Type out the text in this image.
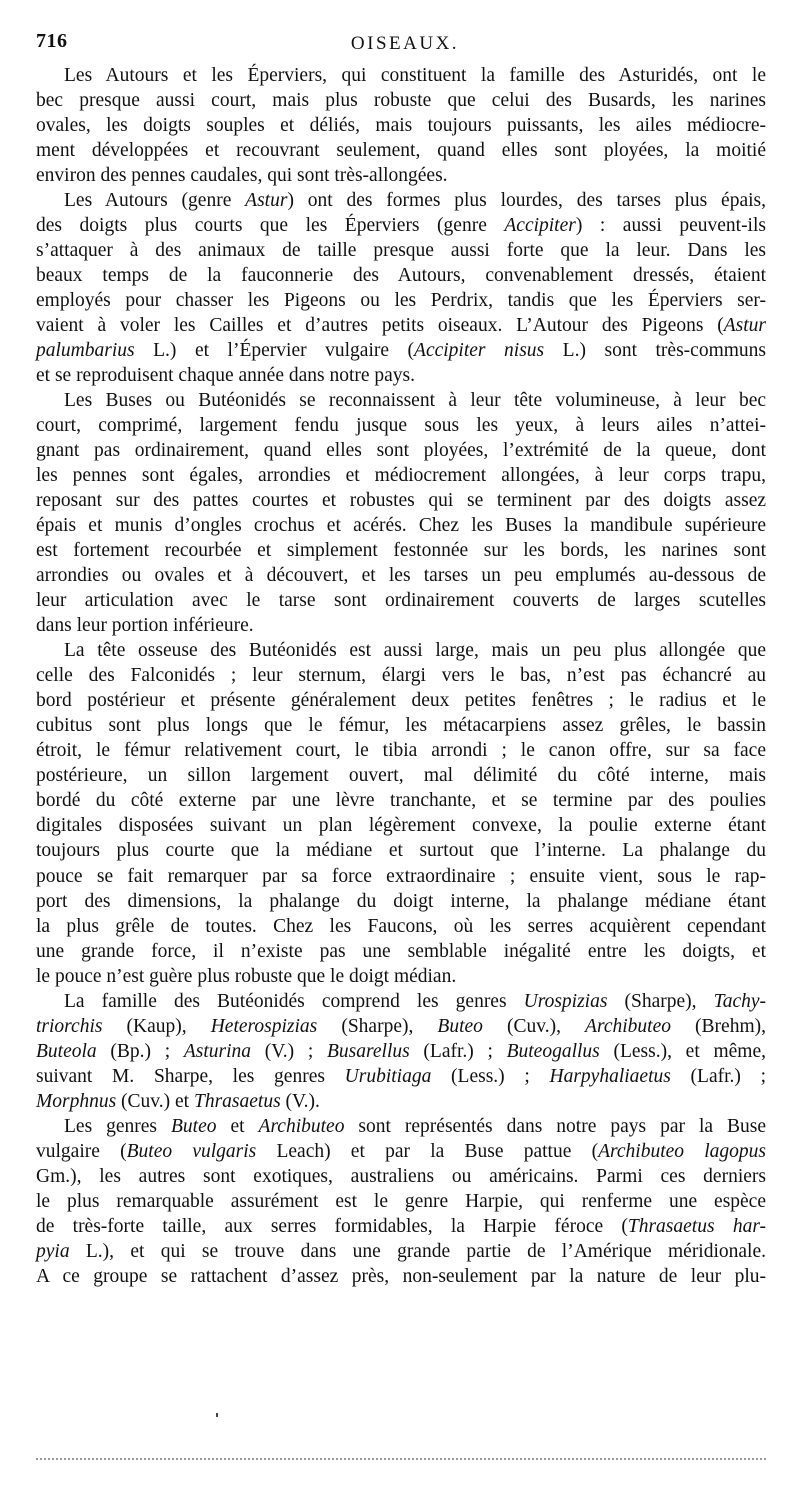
716	OISEAUX.
Les Autours et les Éperviers, qui constituent la famille des Asturidés, ont le
bec presque aussi court, mais plus robuste que celui des Busards, les narines
ovales, les doigts souples et déliés, mais toujours puissants, les ailes médiocre-
ment développées et recouvrant seulement, quand elles sont ployées, la moitié
environ des pennes caudales, qui sont très-allongées.
Les Autours (genre Astur) ont des formes plus lourdes, des tarses plus épais,
des doigts plus courts que les Éperviers (genre Accipiter) : aussi peuvent-ils
s’attaquer à des animaux de taille presque aussi forte que la leur. Dans les
beaux temps de la fauconnerie des Autours, convenablement dressés, étaient
employés pour chasser les Pigeons ou les Perdrix, tandis que les Éperviers ser-
vaient à voler les Cailles et d’autres petits oiseaux. L’Autour des Pigeons (Astur
palumbarius L.) et l’Épervier vulgaire (Accipiter nisus L.) sont très-communs
et se reproduisent chaque année dans notre pays.
Les Buses ou Butéonidés se reconnaissent à leur tête volumineuse, à leur bec
court, comprimé, largement fendu jusque sous les yeux, à leurs ailes n’attei-
gnant pas ordinairement, quand elles sont ployées, l’extrémité de la queue, dont
les pennes sont égales, arrondies et médiocrement allongées, à leur corps trapu,
reposant sur des pattes courtes et robustes qui se terminent par des doigts assez
épais et munis d’ongles crochus et acérés. Chez les Buses la mandibule supérieure
est fortement recourbée et simplement festonnée sur les bords, les narines sont
arrondies ou ovales et à découvert, et les tarses un peu emplumés au-dessous de
leur articulation avec le tarse sont ordinairement couverts de larges scutelles
dans leur portion inférieure.
La tête osseuse des Butéonidés est aussi large, mais un peu plus allongée que
celle des Falconidés ; leur sternum, élargi vers le bas, n’est pas échancré au
bord postérieur et présente généralement deux petites fenêtres ; le radius et le
cubitus sont plus longs que le fémur, les métacarpiens assez grêles, le bassin
étroit, le fémur relativement court, le tibia arrondi ; le canon offre, sur sa face
postérieure, un sillon largement ouvert, mal délimité du côté interne, mais
bordé du côté externe par une lèvre tranchante, et se termine par des poulies
digitales disposées suivant un plan légèrement convexe, la poulie externe étant
toujours plus courte que la médiane et surtout que l’interne. La phalange du
pouce se fait remarquer par sa force extraordinaire ; ensuite vient, sous le rap-
port des dimensions, la phalange du doigt interne, la phalange médiane étant
la plus grêle de toutes. Chez les Faucons, où les serres acquièrent cependant
une grande force, il n’existe pas une semblable inégalité entre les doigts, et
le pouce n’est guère plus robuste que le doigt médian.
La famille des Butéonidés comprend les genres Urospizias (Sharpe), Tachy-
triorchis (Kaup), Heterospizias (Sharpe), Buteo (Cuv.), Archibuteo (Brehm),
Buteola (Bp.) ; Asturina (V.) ; Busarellus (Lafr.) ; Buteogallus (Less.), et même,
suivant M. Sharpe, les genres Urubitiaga (Less.) ; Harpyhaliaetus (Lafr.) ;
Morphnus (Cuv.) et Thrasaetus (V.).
Les genres Buteo et Archibuteo sont représentés dans notre pays par la Buse
vulgaire (Buteo vulgaris Leach) et par la Buse pattue (Archibuteo lagopus
Gm.), les autres sont exotiques, australiens ou américains. Parmi ces derniers
le plus remarquable assurément est le genre Harpie, qui renferme une espèce
de très-forte taille, aux serres formidables, la Harpie féroce (Thrasaetus har-
pyia L.), et qui se trouve dans une grande partie de l’Amérique méridionale.
A ce groupe se rattachent d’assez près, non-seulement par la nature de leur plu-
